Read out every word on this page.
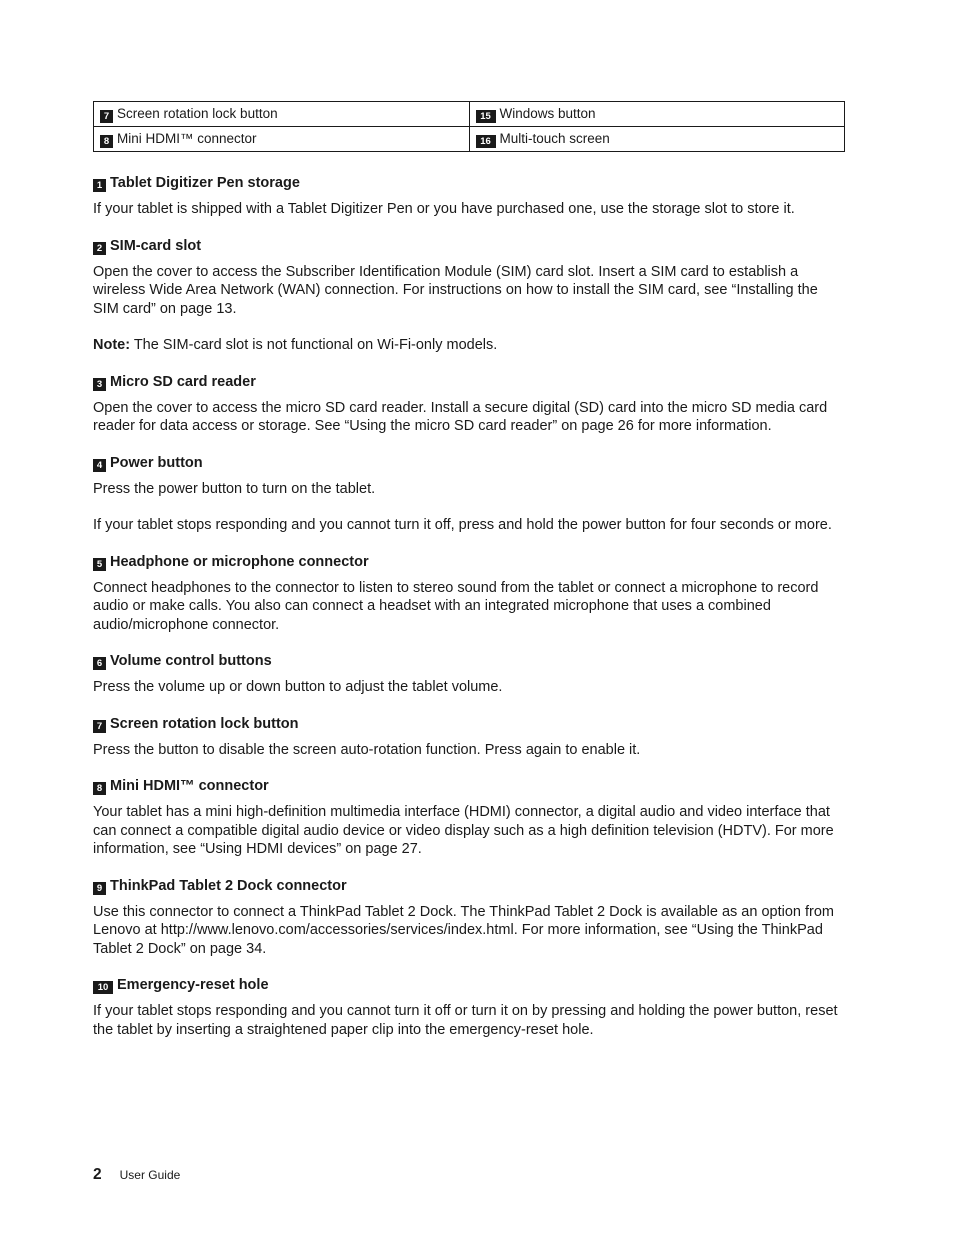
7 Screen rotation lock button	15 Windows button
8 Mini HDMI™ connector	16 Multi-touch screen
1 Tablet Digitizer Pen storage

If your tablet is shipped with a Tablet Digitizer Pen or you have purchased one, use the storage slot to store it.

2 SIM-card slot

Open the cover to access the Subscriber Identification Module (SIM) card slot. Insert a SIM card to establish a wireless Wide Area Network (WAN) connection. For instructions on how to install the SIM card, see “Installing the SIM card” on page 13.

Note: The SIM-card slot is not functional on Wi-Fi-only models.

3 Micro SD card reader

Open the cover to access the micro SD card reader. Install a secure digital (SD) card into the micro SD media card reader for data access or storage. See “Using the micro SD card reader” on page 26 for more information.

4 Power button

Press the power button to turn on the tablet.

If your tablet stops responding and you cannot turn it off, press and hold the power button for four seconds or more.

5 Headphone or microphone connector

Connect headphones to the connector to listen to stereo sound from the tablet or connect a microphone to record audio or make calls. You also can connect a headset with an integrated microphone that uses a combined audio/microphone connector.

6 Volume control buttons

Press the volume up or down button to adjust the tablet volume.

7 Screen rotation lock button

Press the button to disable the screen auto-rotation function. Press again to enable it.

8 Mini HDMI™ connector

Your tablet has a mini high-definition multimedia interface (HDMI) connector, a digital audio and video interface that can connect a compatible digital audio device or video display such as a high definition television (HDTV). For more information, see “Using HDMI devices” on page 27.

9 ThinkPad Tablet 2 Dock connector

Use this connector to connect a ThinkPad Tablet 2 Dock. The ThinkPad Tablet 2 Dock is available as an option from Lenovo at http://www.lenovo.com/accessories/services/index.html. For more information, see “Using the ThinkPad Tablet 2 Dock” on page 34.

10 Emergency-reset hole

If your tablet stops responding and you cannot turn it off or turn it on by pressing and holding the power button, reset the tablet by inserting a straightened paper clip into the emergency-reset hole.

2 User Guide
